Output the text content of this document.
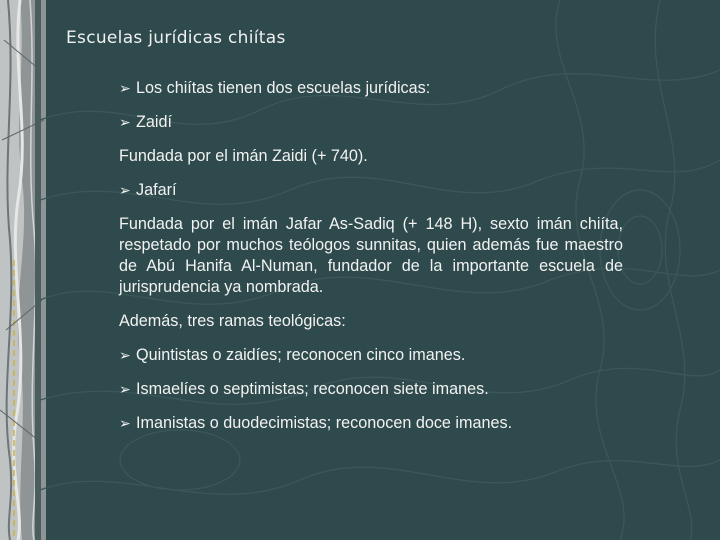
Escuelas jurídicas chiítas

➢ Los chiítas tienen dos escuelas jurídicas:

➢ Zaidí

Fundada por el imán Zaidi (+ 740).

➢ Jafarí

Fundada por el imán Jafar As-Sadiq (+ 148 H), sexto imán chiíta, respetado por muchos teólogos sunnitas, quien además fue maestro de Abú Hanifa Al-Numan, fundador de la importante escuela de jurisprudencia ya nombrada.

Además, tres ramas teológicas:

➢ Quintistas o zaidíes; reconocen cinco imanes.

➢ Ismaelíes o septimistas; reconocen siete imanes.

➢ Imanistas o duodecimistas; reconocen doce imanes.
